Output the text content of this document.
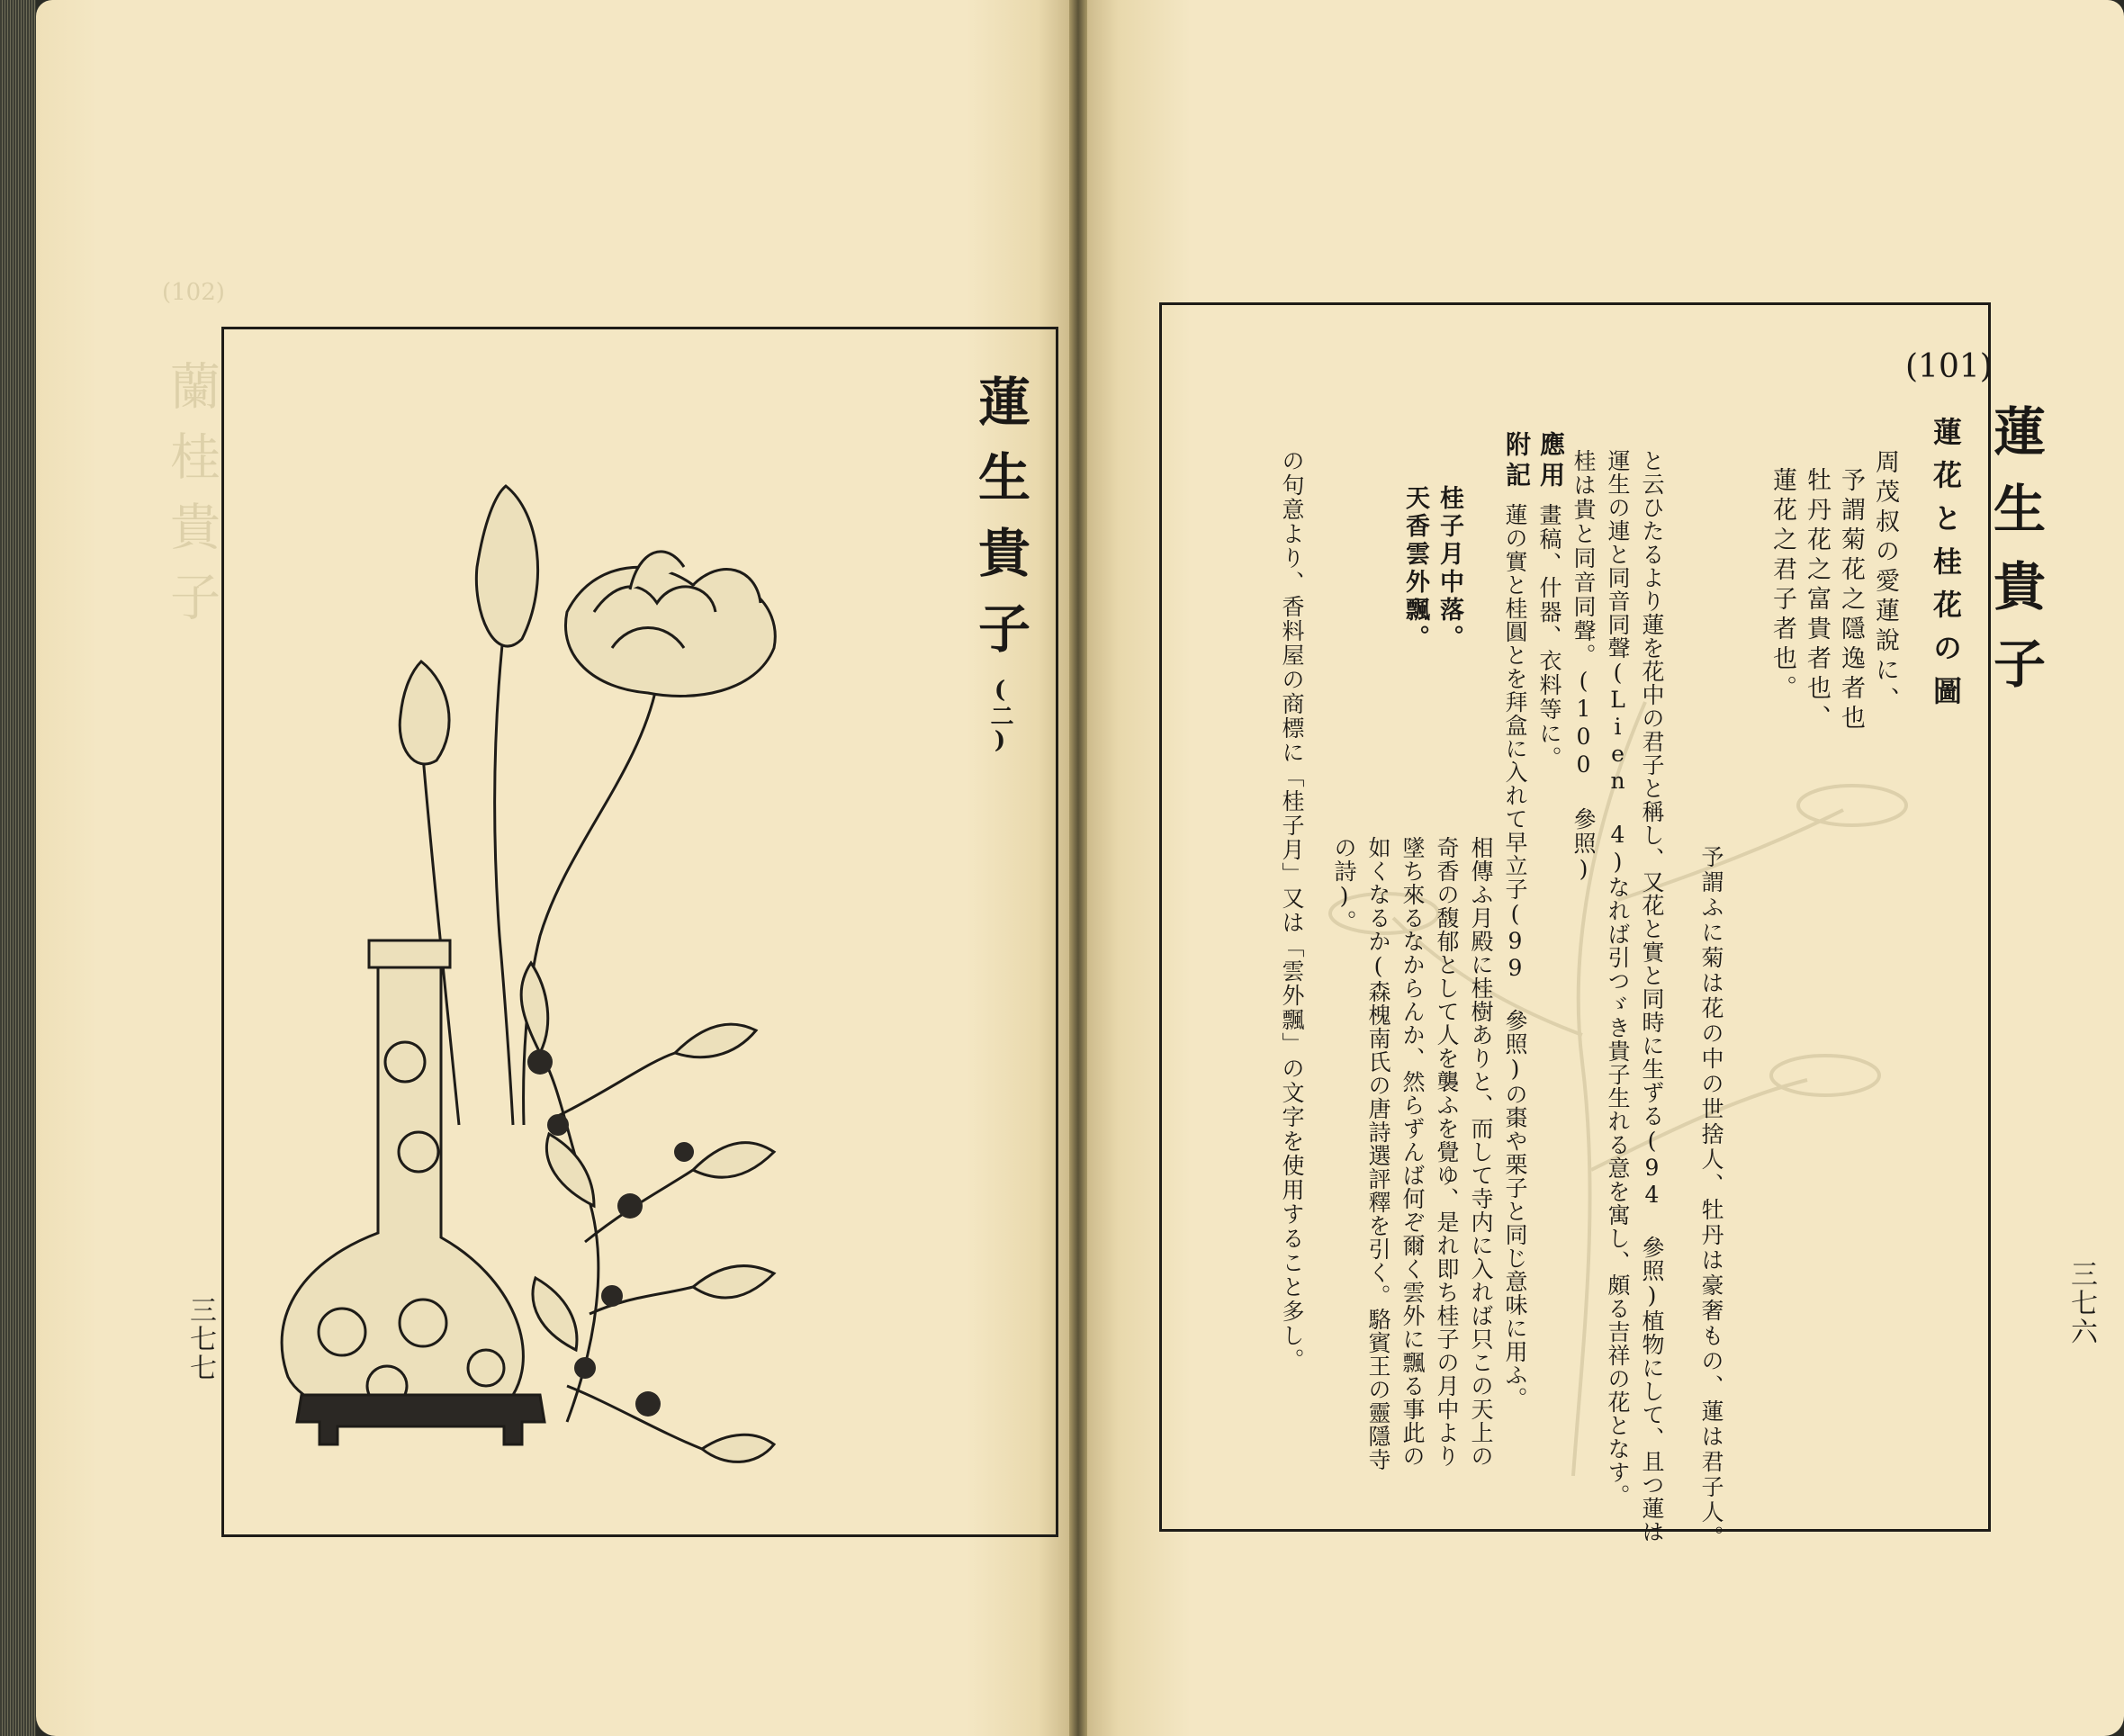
(102)
蘭桂貴子	蓮生貴子(二)
三七七
(101)
蓮生貴子
蓮花と桂花の圖
周茂叔の愛蓮說に、
予謂菊花之隱逸者也
牡丹花之富貴者也、
蓮花之君子者也。
予謂ふに菊は花の中の世捨人、牡丹は豪奢もの、蓮は君子人。
と云ひたるより蓮を花中の君子と稱し、又花と實と同時に生ずる(94 參照)植物にして、且つ蓮は
運生の連と同音同聲(Lien 4)なれば引つゞき貴子生れる意を寓し、頗る吉祥の花となす。
桂は貴と同音同聲。(100 參照)
應用
畫稿、什器、衣料等に。
附記
蓮の實と桂圓とを拜盒に入れて早立子(99 參照)の棗や栗子と同じ意味に用ふ。
相傳ふ月殿に桂樹ありと、而して寺内に入れば只この天上の
奇香の馥郁として人を襲ふを覺ゆ、是れ即ち桂子の月中より
墜ち來るなからんか、然らずんば何ぞ爾く雲外に飄る事此の
如くなるか(森槐南氏の唐詩選評釋を引く。駱賓王の靈隱寺
の詩)。
桂子月中落。
天香雲外飄。
の句意より、香料屋の商標に「桂子月」又は「雲外飄」の文字を使用すること多し。	三七六
